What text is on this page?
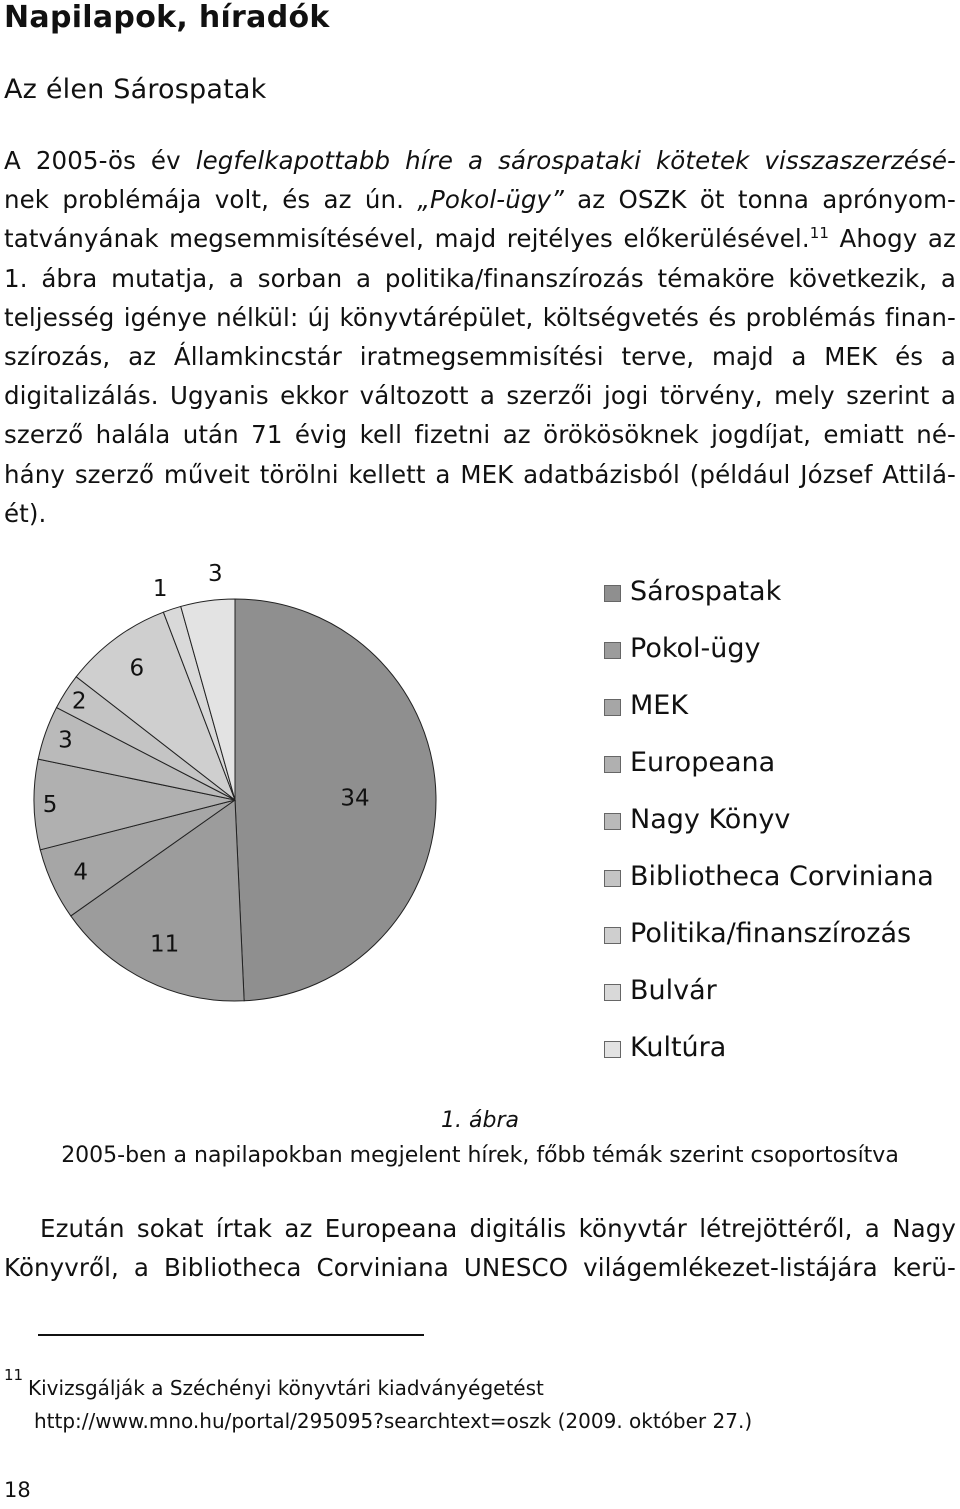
Napilapok, híradók
Az élen Sárospatak
A 2005-ös év legfelkapottabb híre a sárospataki kötetek visszaszerzésé-
nek problémája volt, és az ún. „Pokol-ügy” az OSZK öt tonna aprónyom-
tatványának megsemmisítésével, majd rejtélyes előkerülésével.$^{11}$ Ahogy az
1. ábra mutatja, a sorban a politika/finanszírozás témaköre következik, a
teljesség igénye nélkül: új könyvtárépület, költségvetés és problémás finan-
szírozás, az Államkincstár iratmegsemmisítési terve, majd a MEK és a
digitalizálás. Ugyanis ekkor változott a szerzői jogi törvény, mely szerint a
szerző halála után 71 évig kell fizetni az örökösöknek jogdíjat, emiatt né-
hány szerző műveit törölni kellett a MEK adatbázisból (például József Attilá-
ét).
34
11
4
5
3
2
6
1
3
Sárospatak
Pokol-ügy
MEK
Europeana
Nagy Könyv
Bibliotheca Corviniana
Politika/finanszírozás
Bulvár
Kultúra
1. ábra
2005-ben a napilapokban megjelent hírek, főbb témák szerint csoportosítva
Ezután sokat írtak az Europeana digitális könyvtár létrejöttéről, a Nagy
Könyvről, a Bibliotheca Corviniana UNESCO világemlékezet-listájára kerü-
11
Kivizsgálják a Széchényi könyvtári kiadványégetést
http://www.mno.hu/portal/295095?searchtext=oszk (2009. október 27.)
18
